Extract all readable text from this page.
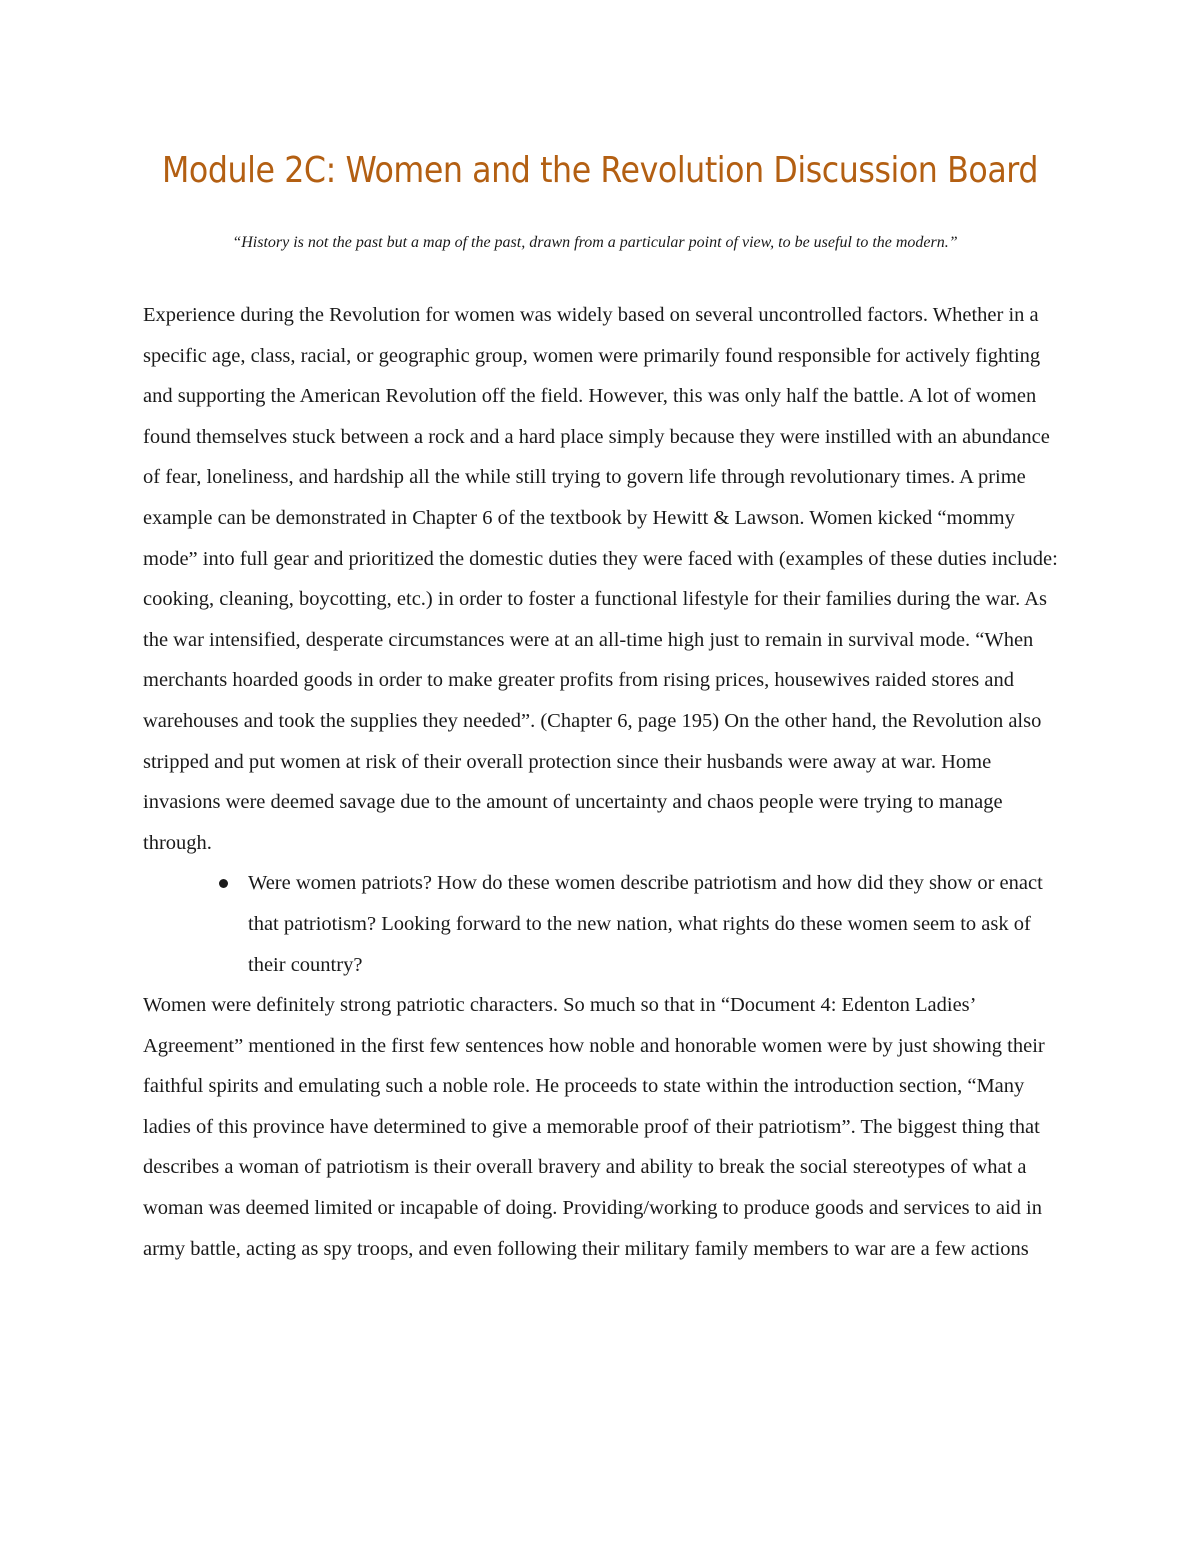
Module 2C: Women and the Revolution Discussion Board

“History is not the past but a map of the past, drawn from a particular point of view, to be useful to the modern.”

Experience during the Revolution for women was widely based on several uncontrolled factors. Whether in a specific age, class, racial, or geographic group, women were primarily found responsible for actively fighting and supporting the American Revolution off the field. However, this was only half the battle. A lot of women found themselves stuck between a rock and a hard place simply because they were instilled with an abundance of fear, loneliness, and hardship all the while still trying to govern life through revolutionary times. A prime example can be demonstrated in Chapter 6 of the textbook by Hewitt & Lawson. Women kicked “mommy mode” into full gear and prioritized the domestic duties they were faced with (examples of these duties include: cooking, cleaning, boycotting, etc.) in order to foster a functional lifestyle for their families during the war. As the war intensified, desperate circumstances were at an all-time high just to remain in survival mode. “When merchants hoarded goods in order to make greater profits from rising prices, housewives raided stores and warehouses and took the supplies they needed”. (Chapter 6, page 195) On the other hand, the Revolution also stripped and put women at risk of their overall protection since their husbands were away at war. Home invasions were deemed savage due to the amount of uncertainty and chaos people were trying to manage through.

Were women patriots? How do these women describe patriotism and how did they show or enact that patriotism? Looking forward to the new nation, what rights do these women seem to ask of their country?

Women were definitely strong patriotic characters. So much so that in “Document 4: Edenton Ladies’ Agreement” mentioned in the first few sentences how noble and honorable women were by just showing their faithful spirits and emulating such a noble role. He proceeds to state within the introduction section, “Many ladies of this province have determined to give a memorable proof of their patriotism”. The biggest thing that describes a woman of patriotism is their overall bravery and ability to break the social stereotypes of what a woman was deemed limited or incapable of doing. Providing/working to produce goods and services to aid in army battle, acting as spy troops, and even following their military family members to war are a few actions
